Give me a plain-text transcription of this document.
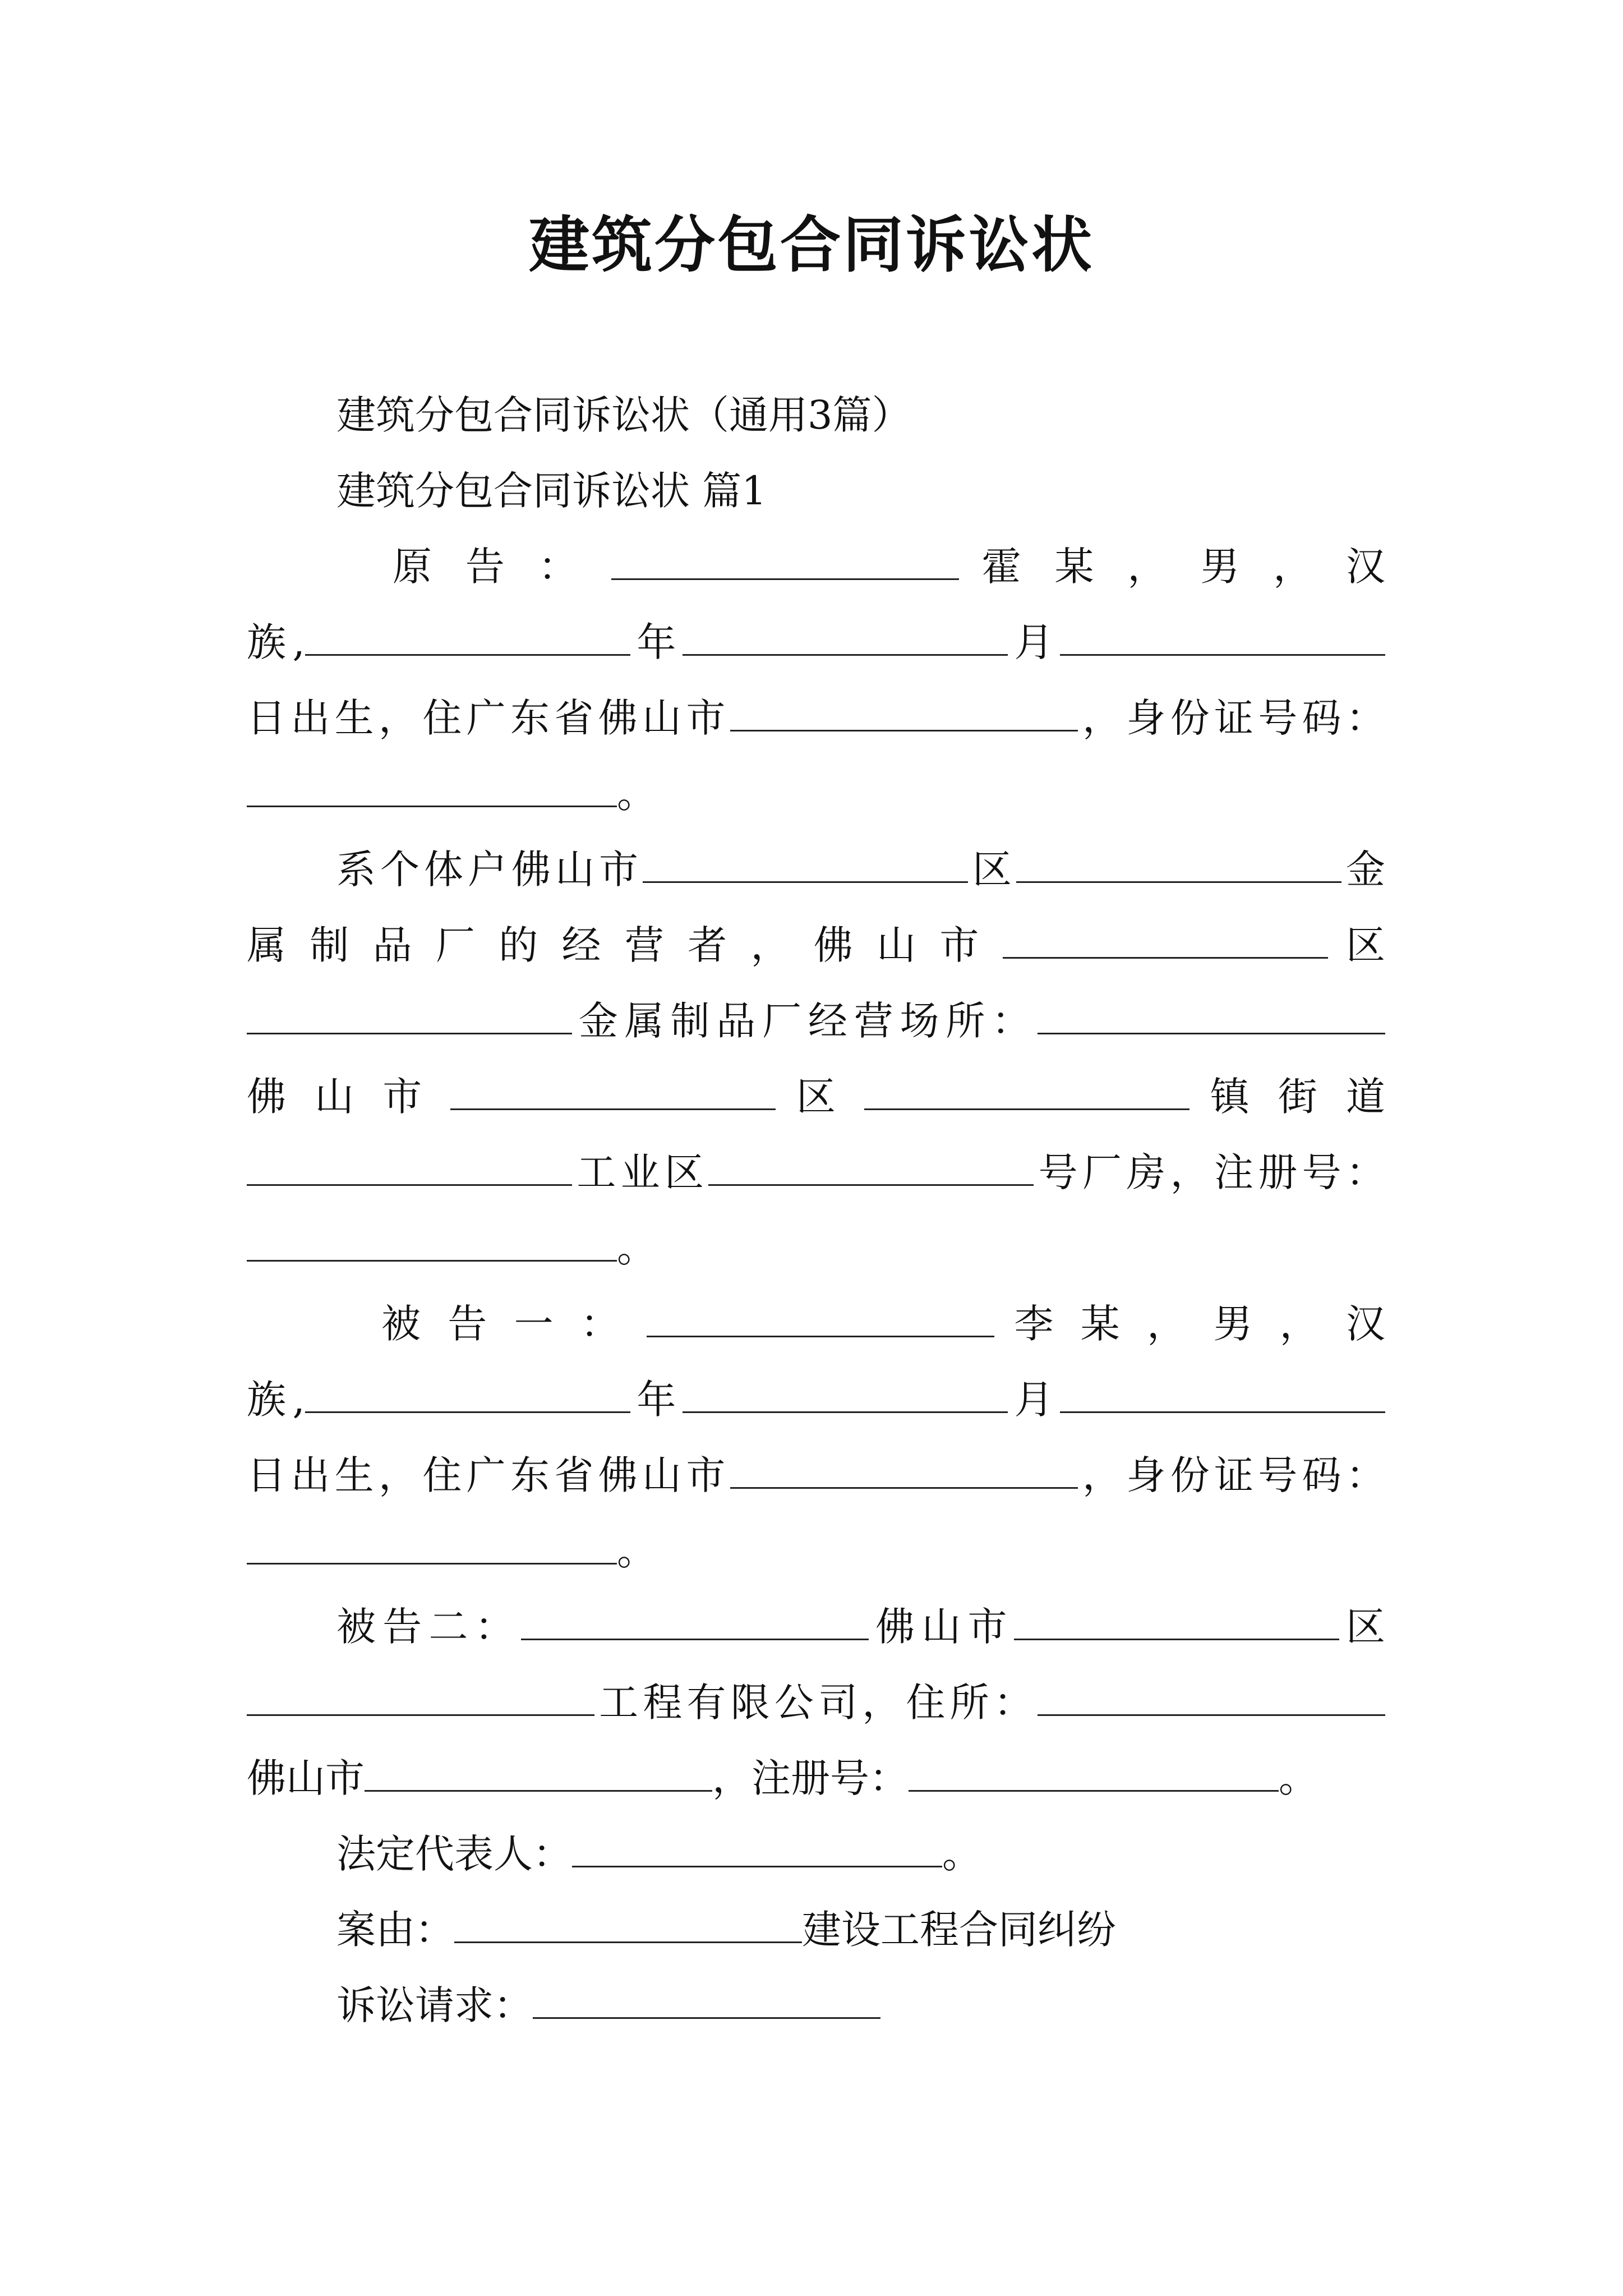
建筑分包合同诉讼状
建筑分包合同诉讼状（通用3篇）
建筑分包合同诉讼状 篇1
原 告 ：	霍 某 ， 男 ， 汉
族,	年	月
日出生，住广东省佛山市	，身份证号码：
。
系个体户佛山市	区	金
属 制 品 厂 的 经 营 者 ， 佛 山 市	区
金属制品厂经营场所：
佛 山 市	区	镇 街 道
工业区	号厂房，注册号：
。
被 告 一 ：	李 某 ， 男 ， 汉
族,	年	月
日出生，住广东省佛山市	，身份证号码：
。
被告二：	佛山市	区
工程有限公司，住所：
佛山市	，注册号：	。
法定代表人：	。
案由：	建设工程合同纠纷
诉讼请求：
